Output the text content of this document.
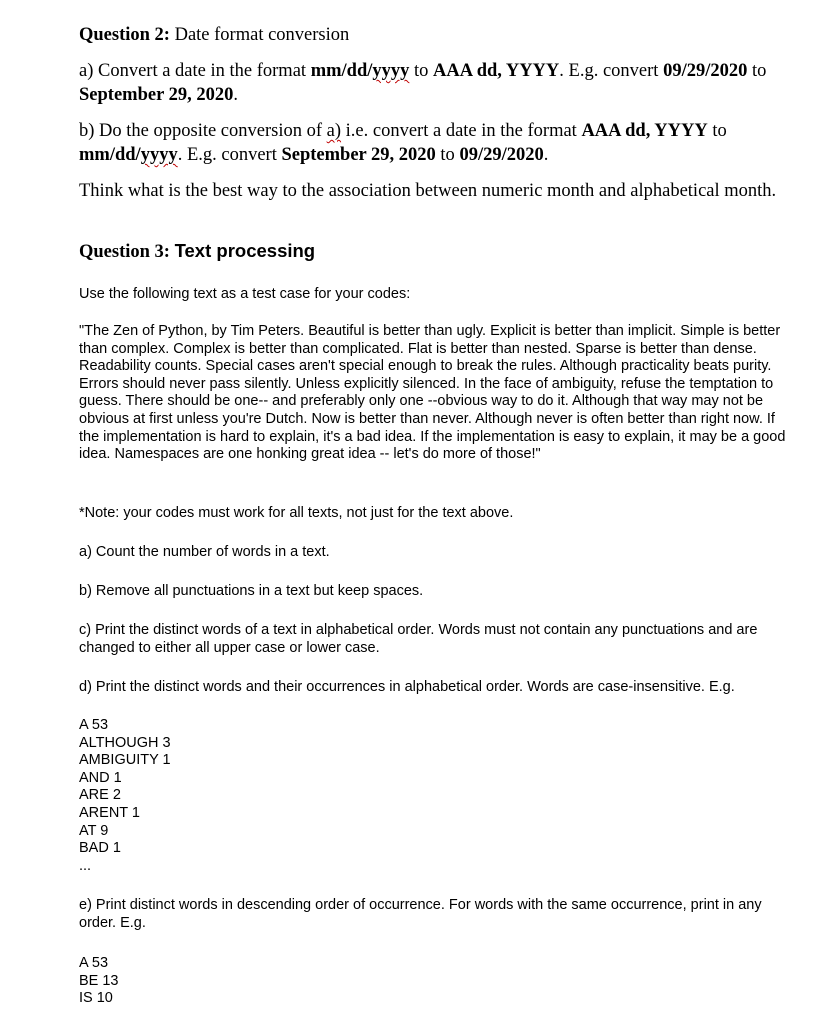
Question 2: Date format conversion

a) Convert a date in the format mm/dd/yyyy to AAA dd, YYYY. E.g. convert 09/29/2020 to September 29, 2020.

b) Do the opposite conversion of a) i.e. convert a date in the format AAA dd, YYYY to mm/dd/yyyy. E.g. convert September 29, 2020 to 09/29/2020.

Think what is the best way to the association between numeric month and alphabetical month.

Question 3: Text processing

Use the following text as a test case for your codes:

"The Zen of Python, by Tim Peters. Beautiful is better than ugly. Explicit is better than implicit. Simple is better than complex. Complex is better than complicated. Flat is better than nested. Sparse is better than dense. Readability counts. Special cases aren't special enough to break the rules. Although practicality beats purity. Errors should never pass silently. Unless explicitly silenced. In the face of ambiguity, refuse the temptation to guess. There should be one-- and preferably only one --obvious way to do it. Although that way may not be obvious at first unless you're Dutch. Now is better than never. Although never is often better than right now. If the implementation is hard to explain, it's a bad idea. If the implementation is easy to explain, it may be a good idea. Namespaces are one honking great idea -- let's do more of those!"

*Note: your codes must work for all texts, not just for the text above.

a) Count the number of words in a text.

b) Remove all punctuations in a text but keep spaces.

c) Print the distinct words of a text in alphabetical order. Words must not contain any punctuations and are changed to either all upper case or lower case.

d) Print the distinct words and their occurrences in alphabetical order. Words are case-insensitive. E.g.

A 53
ALTHOUGH 3
AMBIGUITY 1
AND 1
ARE 2
ARENT 1
AT 9
BAD 1
...

e) Print distinct words in descending order of occurrence. For words with the same occurrence, print in any order. E.g.

A 53
BE 13
IS 10
